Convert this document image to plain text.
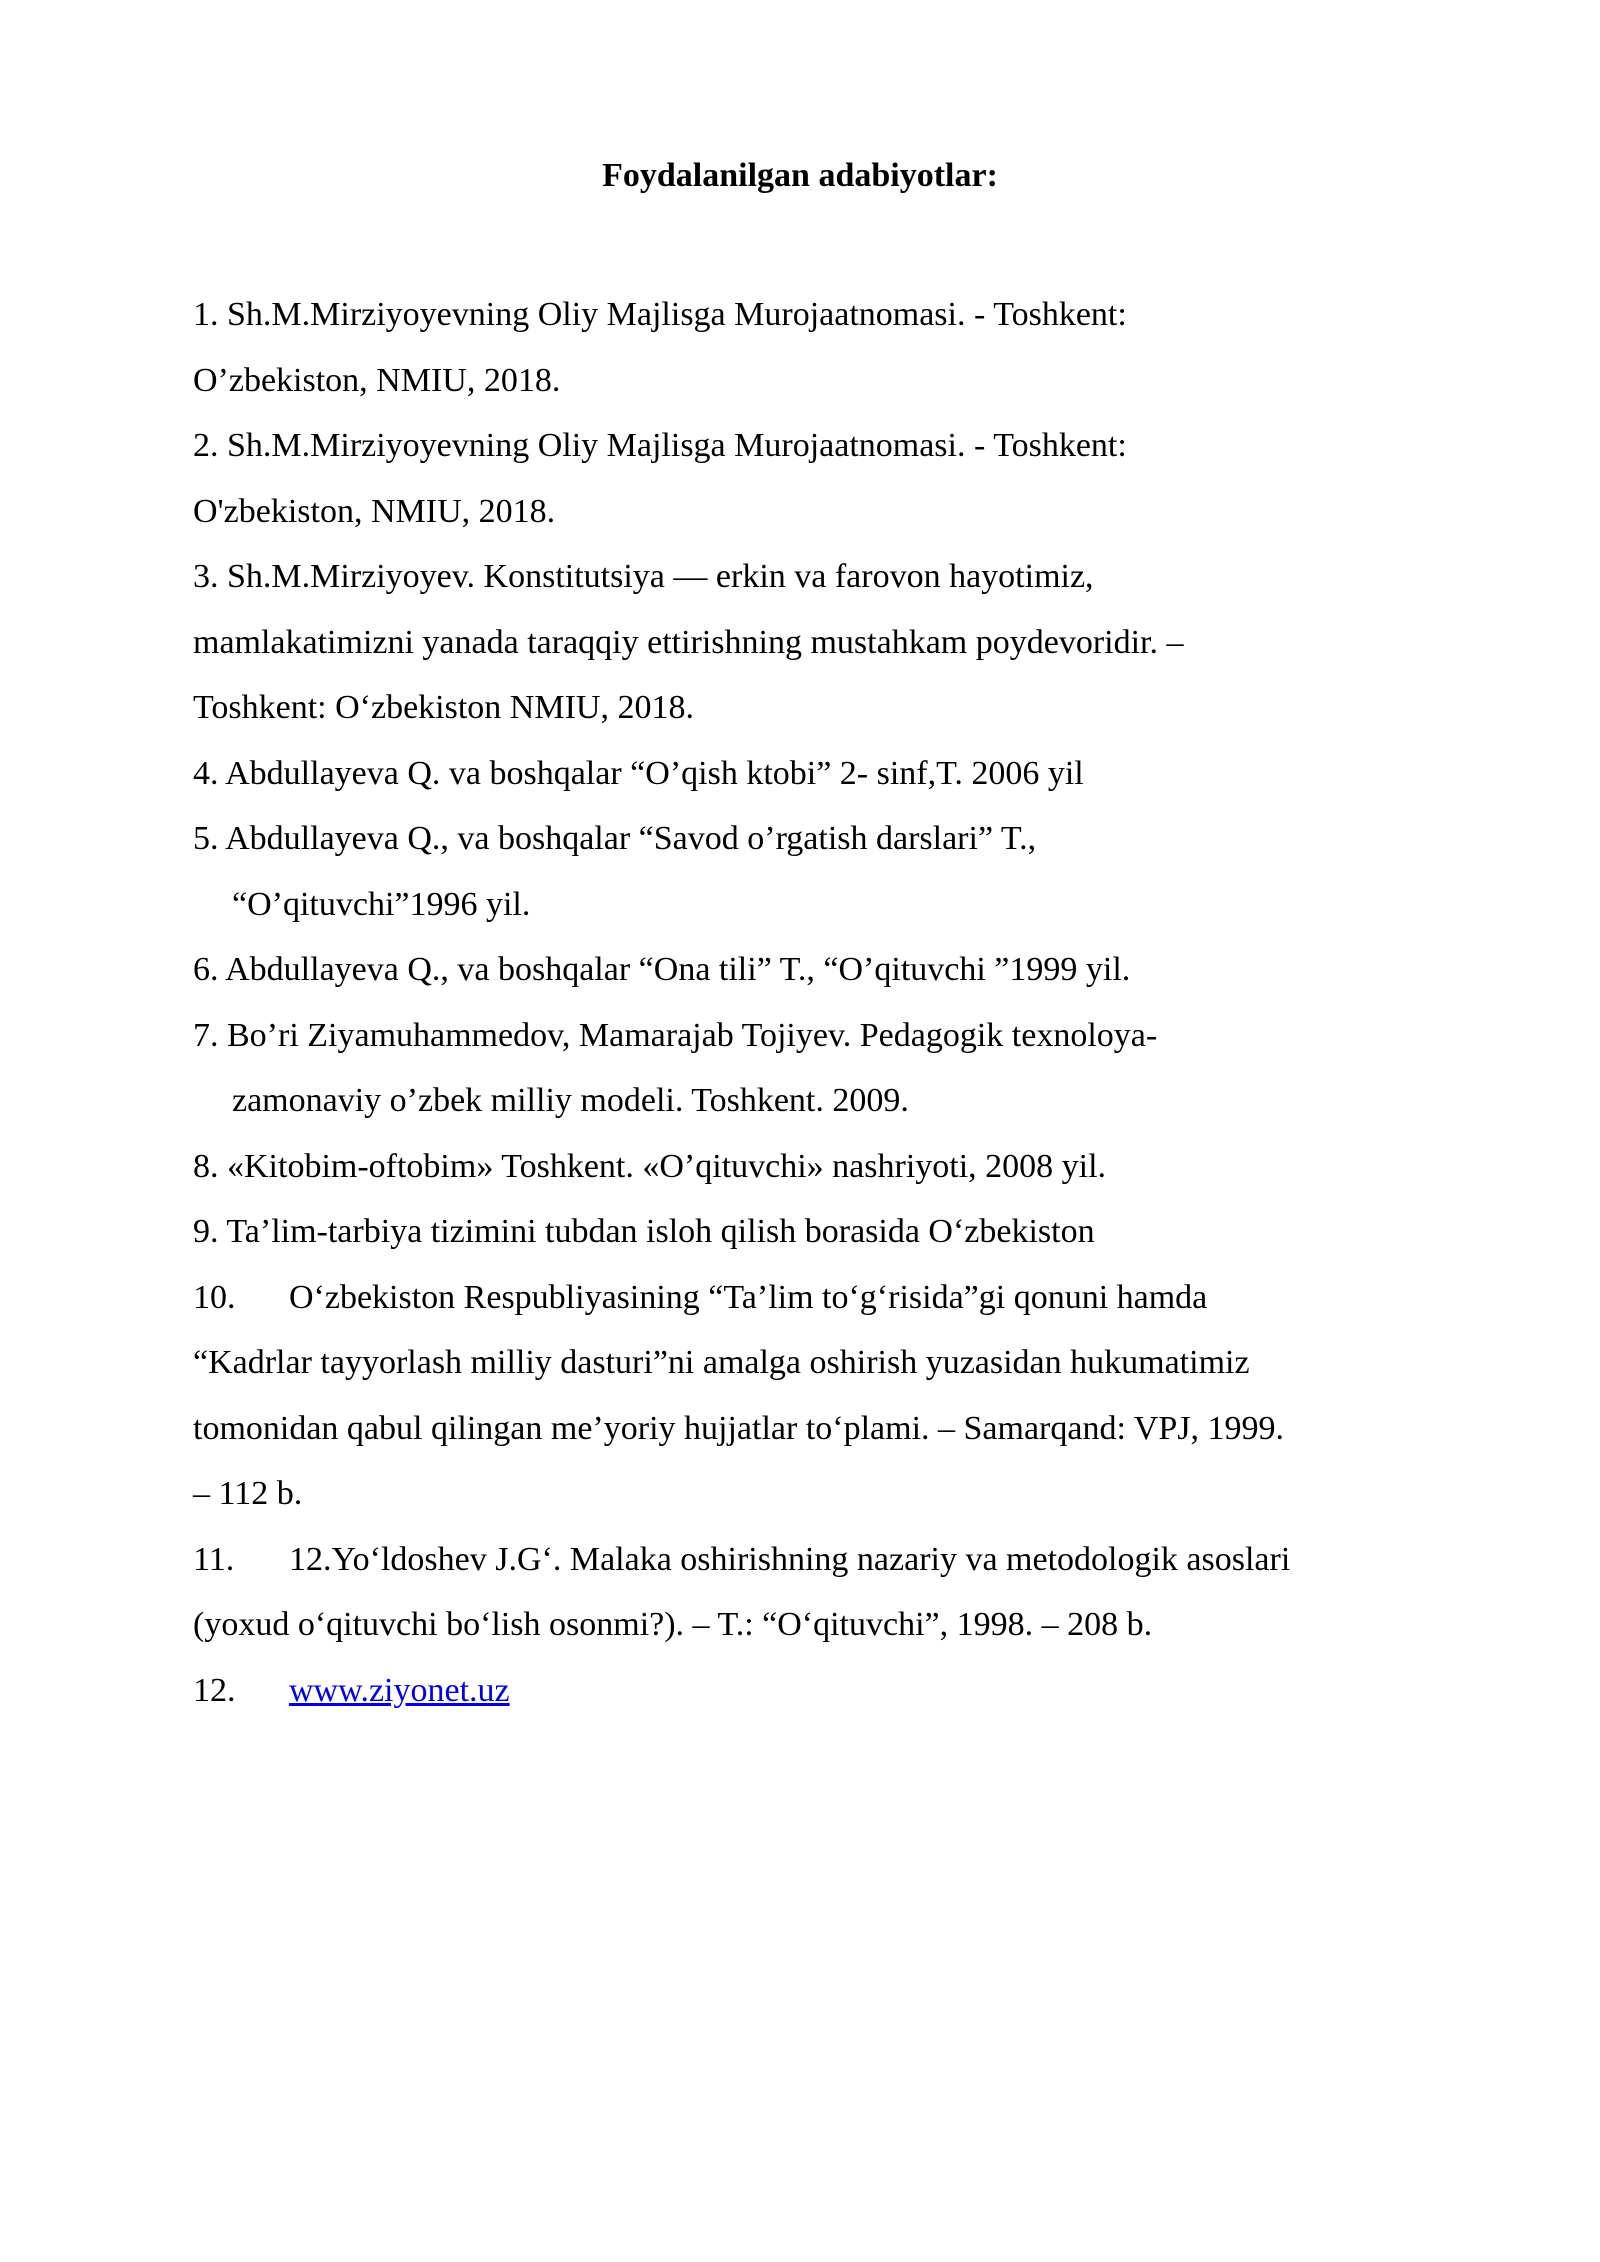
Foydalanilgan adabiyotlar:
1. Sh.M.Mirziyoyevning Oliy Majlisga Murojaatnomasi. - Toshkent:
O’zbekiston, NMIU, 2018.
2. Sh.M.Mirziyoyevning Oliy Majlisga Murojaatnomasi. - Toshkent:
O'zbekiston, NMIU, 2018.
3. Sh.M.Mirziyoyev. Konstitutsiya — erkin va farovon hayotimiz,
mamlakatimizni yanada taraqqiy ettirishning mustahkam poydevoridir. –
Toshkent: O‘zbekiston NMIU, 2018.
4. Abdullayeva Q. va boshqalar “O’qish ktobi” 2- sinf,T. 2006 yil
5. Abdullayeva Q., va boshqalar “Savod o’rgatish darslari” T.,
“O’qituvchi”1996 yil.
6. Abdullayeva Q., va boshqalar “Ona tili” T., “O’qituvchi ”1999 yil.
7. Bo’ri Ziyamuhammedov, Mamarajab Tojiyev. Pedagogik texnoloya-
zamonaviy o’zbek milliy modeli. Toshkent. 2009.
8. «Kitobim-oftobim» Toshkent. «O’qituvchi» nashriyoti, 2008 yil.
9. Ta’lim-tarbiya tizimini tubdan isloh qilish borasida O‘zbekiston
10. O‘zbekiston Respubliyasining “Ta’lim to‘g‘risida”gi qonuni hamda
“Kadrlar tayyorlash milliy dasturi”ni amalga oshirish yuzasidan hukumatimiz
tomonidan qabul qilingan me’yoriy hujjatlar to‘plami. – Samarqand: VPJ, 1999.
– 112 b.
11. 12.Yo‘ldoshev J.G‘. Malaka oshirishning nazariy va metodologik asoslari
(yoxud o‘qituvchi bo‘lish osonmi?). – T.: “O‘qituvchi”, 1998. – 208 b.
12. www.ziyonet.uz
